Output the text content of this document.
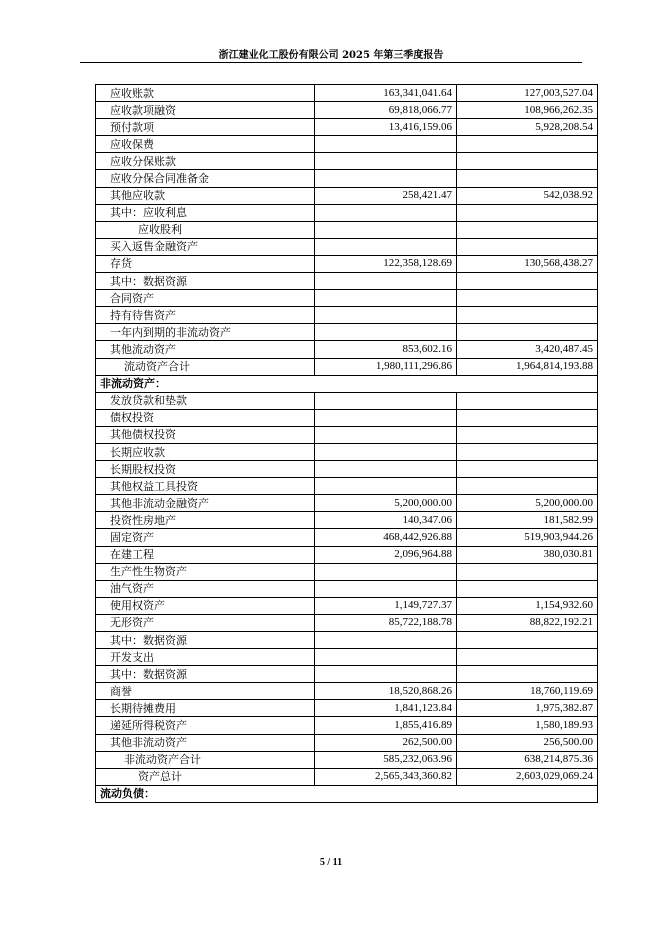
浙江建业化工股份有限公司 2025 年第三季度报告
应收账款	163,341,041.64	127,003,527.04
应收款项融资	69,818,066.77	108,966,262.35
预付款项	13,416,159.06	5,928,208.54
应收保费		
应收分保账款		
应收分保合同准备金		
其他应收款	258,421.47	542,038.92
其中：应收利息		
应收股利		
买入返售金融资产		
存货	122,358,128.69	130,568,438.27
其中：数据资源		
合同资产		
持有待售资产		
一年内到期的非流动资产		
其他流动资产	853,602.16	3,420,487.45
流动资产合计	1,980,111,296.86	1,964,814,193.88
非流动资产：		
发放贷款和垫款		
债权投资		
其他债权投资		
长期应收款		
长期股权投资		
其他权益工具投资		
其他非流动金融资产	5,200,000.00	5,200,000.00
投资性房地产	140,347.06	181,582.99
固定资产	468,442,926.88	519,903,944.26
在建工程	2,096,964.88	380,030.81
生产性生物资产		
油气资产		
使用权资产	1,149,727.37	1,154,932.60
无形资产	85,722,188.78	88,822,192.21
其中：数据资源		
开发支出		
其中：数据资源		
商誉	18,520,868.26	18,760,119.69
长期待摊费用	1,841,123.84	1,975,382.87
递延所得税资产	1,855,416.89	1,580,189.93
其他非流动资产	262,500.00	256,500.00
非流动资产合计	585,232,063.96	638,214,875.36
资产总计	2,565,343,360.82	2,603,029,069.24
流动负债：		
5 / 11
